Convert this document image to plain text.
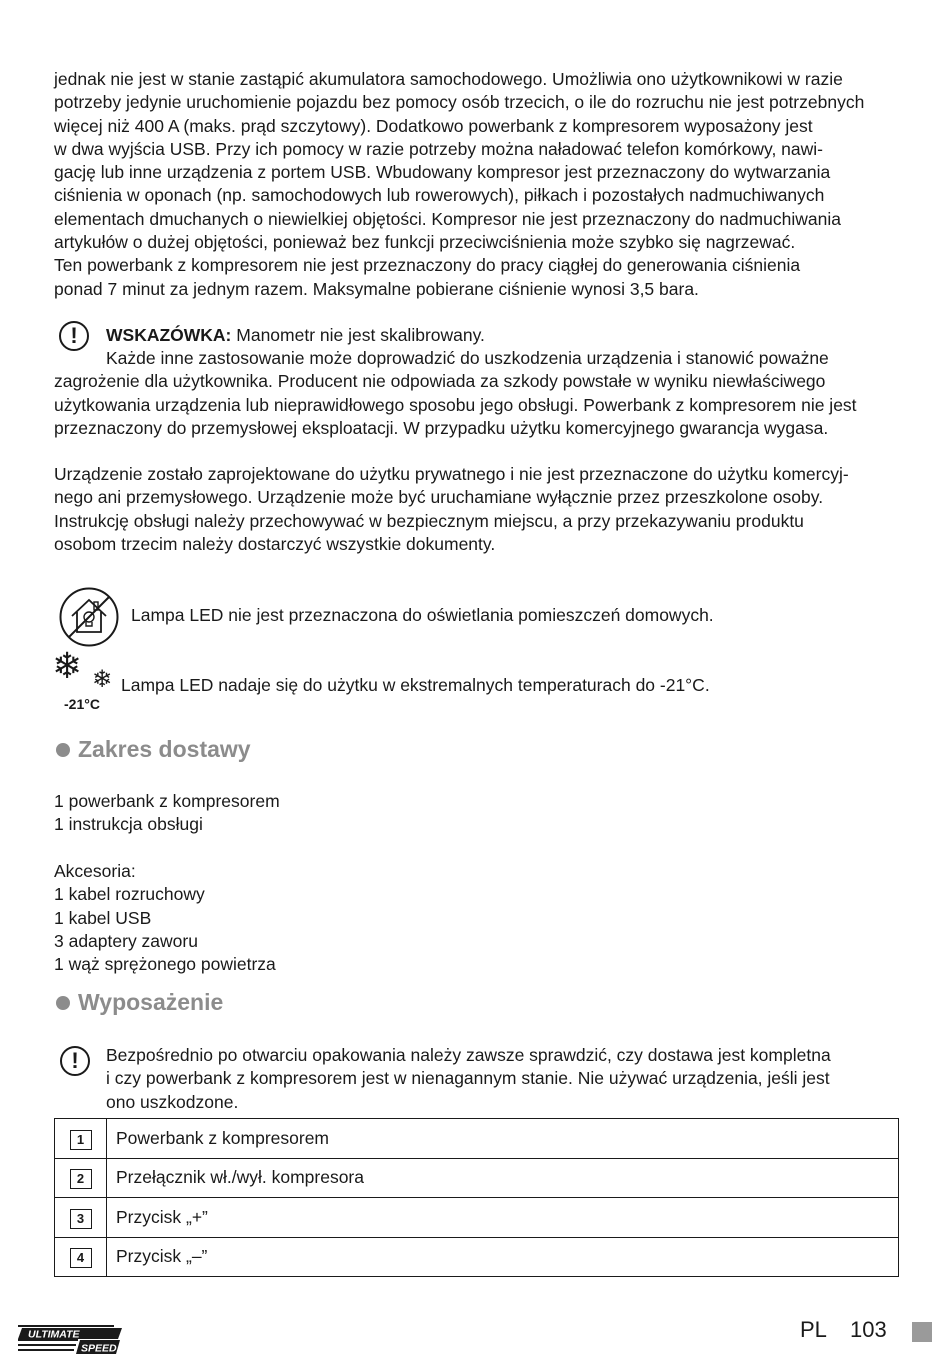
jednak nie jest w stanie zastąpić akumulatora samochodowego. Umożliwia ono użytkownikowi w razie
potrzeby jedynie uruchomienie pojazdu bez pomocy osób trzecich, o ile do rozruchu nie jest potrzebnych
więcej niż 400 A (maks. prąd szczytowy). Dodatkowo powerbank z kompresorem wyposażony jest
w dwa wyjścia USB. Przy ich pomocy w razie potrzeby można naładować telefon komórkowy, nawi-
gację lub inne urządzenia z portem USB. Wbudowany kompresor jest przeznaczony do wytwarzania
ciśnienia w oponach (np. samochodowych lub rowerowych), piłkach i pozostałych nadmuchiwanych
elementach dmuchanych o niewielkiej objętości. Kompresor nie jest przeznaczony do nadmuchiwania
artykułów o dużej objętości, ponieważ bez funkcji przeciwciśnienia może szybko się nagrzewać.
Ten powerbank z kompresorem nie jest przeznaczony do pracy ciągłej do generowania ciśnienia
ponad 7 minut za jednym razem. Maksymalne pobierane ciśnienie wynosi 3,5 bara.
!	WSKAZÓWKA: Manometr nie jest skalibrowany.
Każde inne zastosowanie może doprowadzić do uszkodzenia urządzenia i stanowić poważne
zagrożenie dla użytkownika. Producent nie odpowiada za szkody powstałe w wyniku niewłaściwego
użytkowania urządzenia lub nieprawidłowego sposobu jego obsługi. Powerbank z kompresorem nie jest
przeznaczony do przemysłowej eksploatacji. W przypadku użytku komercyjnego gwarancja wygasa.
Urządzenie zostało zaprojektowane do użytku prywatnego i nie jest przeznaczone do użytku komercyj-
nego ani przemysłowego. Urządzenie może być uruchamiane wyłącznie przez przeszkolone osoby.
Instrukcję obsługi należy przechowywać w bezpiecznym miejscu, a przy przekazywaniu produktu
osobom trzecim należy dostarczyć wszystkie dokumenty.
Lampa LED nie jest przeznaczona do oświetlania pomieszczeń domowych.
❄ ❄
-21°C
Lampa LED nadaje się do użytku w ekstremalnych temperaturach do -21°C.
Zakres dostawy
1 powerbank z kompresorem
1 instrukcja obsługi
Akcesoria:
1 kabel rozruchowy
1 kabel USB
3 adaptery zaworu
1 wąż sprężonego powietrza
Wyposażenie
!	Bezpośrednio po otwarciu opakowania należy zawsze sprawdzić, czy dostawa jest kompletna
i czy powerbank z kompresorem jest w nienagannym stanie. Nie używać urządzenia, jeśli jest
ono uszkodzone.
1	Powerbank z kompresorem
2	Przełącznik wł./wył. kompresora
3	Przycisk „+”
4	Przycisk „–”
ULTIMATE
SPEED
PL 103
